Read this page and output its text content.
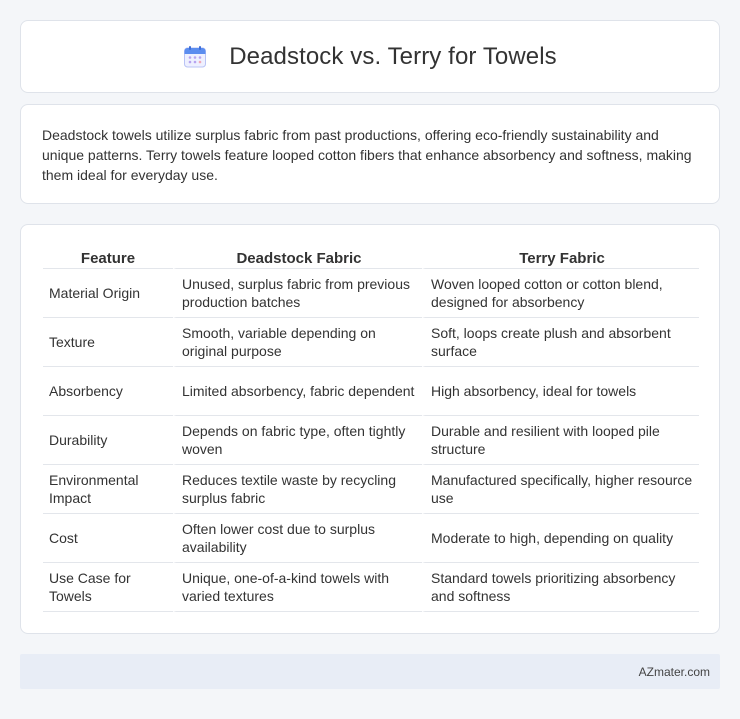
Deadstock vs. Terry for Towels

Deadstock towels utilize surplus fabric from past productions, offering eco-friendly sustainability and unique patterns. Terry towels feature looped cotton fibers that enhance absorbency and softness, making them ideal for everyday use.

Feature	Deadstock Fabric	Terry Fabric
Material Origin	Unused, surplus fabric from previous production batches	Woven looped cotton or cotton blend, designed for absorbency
Texture	Smooth, variable depending on original purpose	Soft, loops create plush and absorbent surface
Absorbency	Limited absorbency, fabric dependent	High absorbency, ideal for towels
Durability	Depends on fabric type, often tightly woven	Durable and resilient with looped pile structure
Environmental Impact	Reduces textile waste by recycling surplus fabric	Manufactured specifically, higher resource use
Cost	Often lower cost due to surplus availability	Moderate to high, depending on quality
Use Case for Towels	Unique, one-of-a-kind towels with varied textures	Standard towels prioritizing absorbency and softness
AZmater.com
